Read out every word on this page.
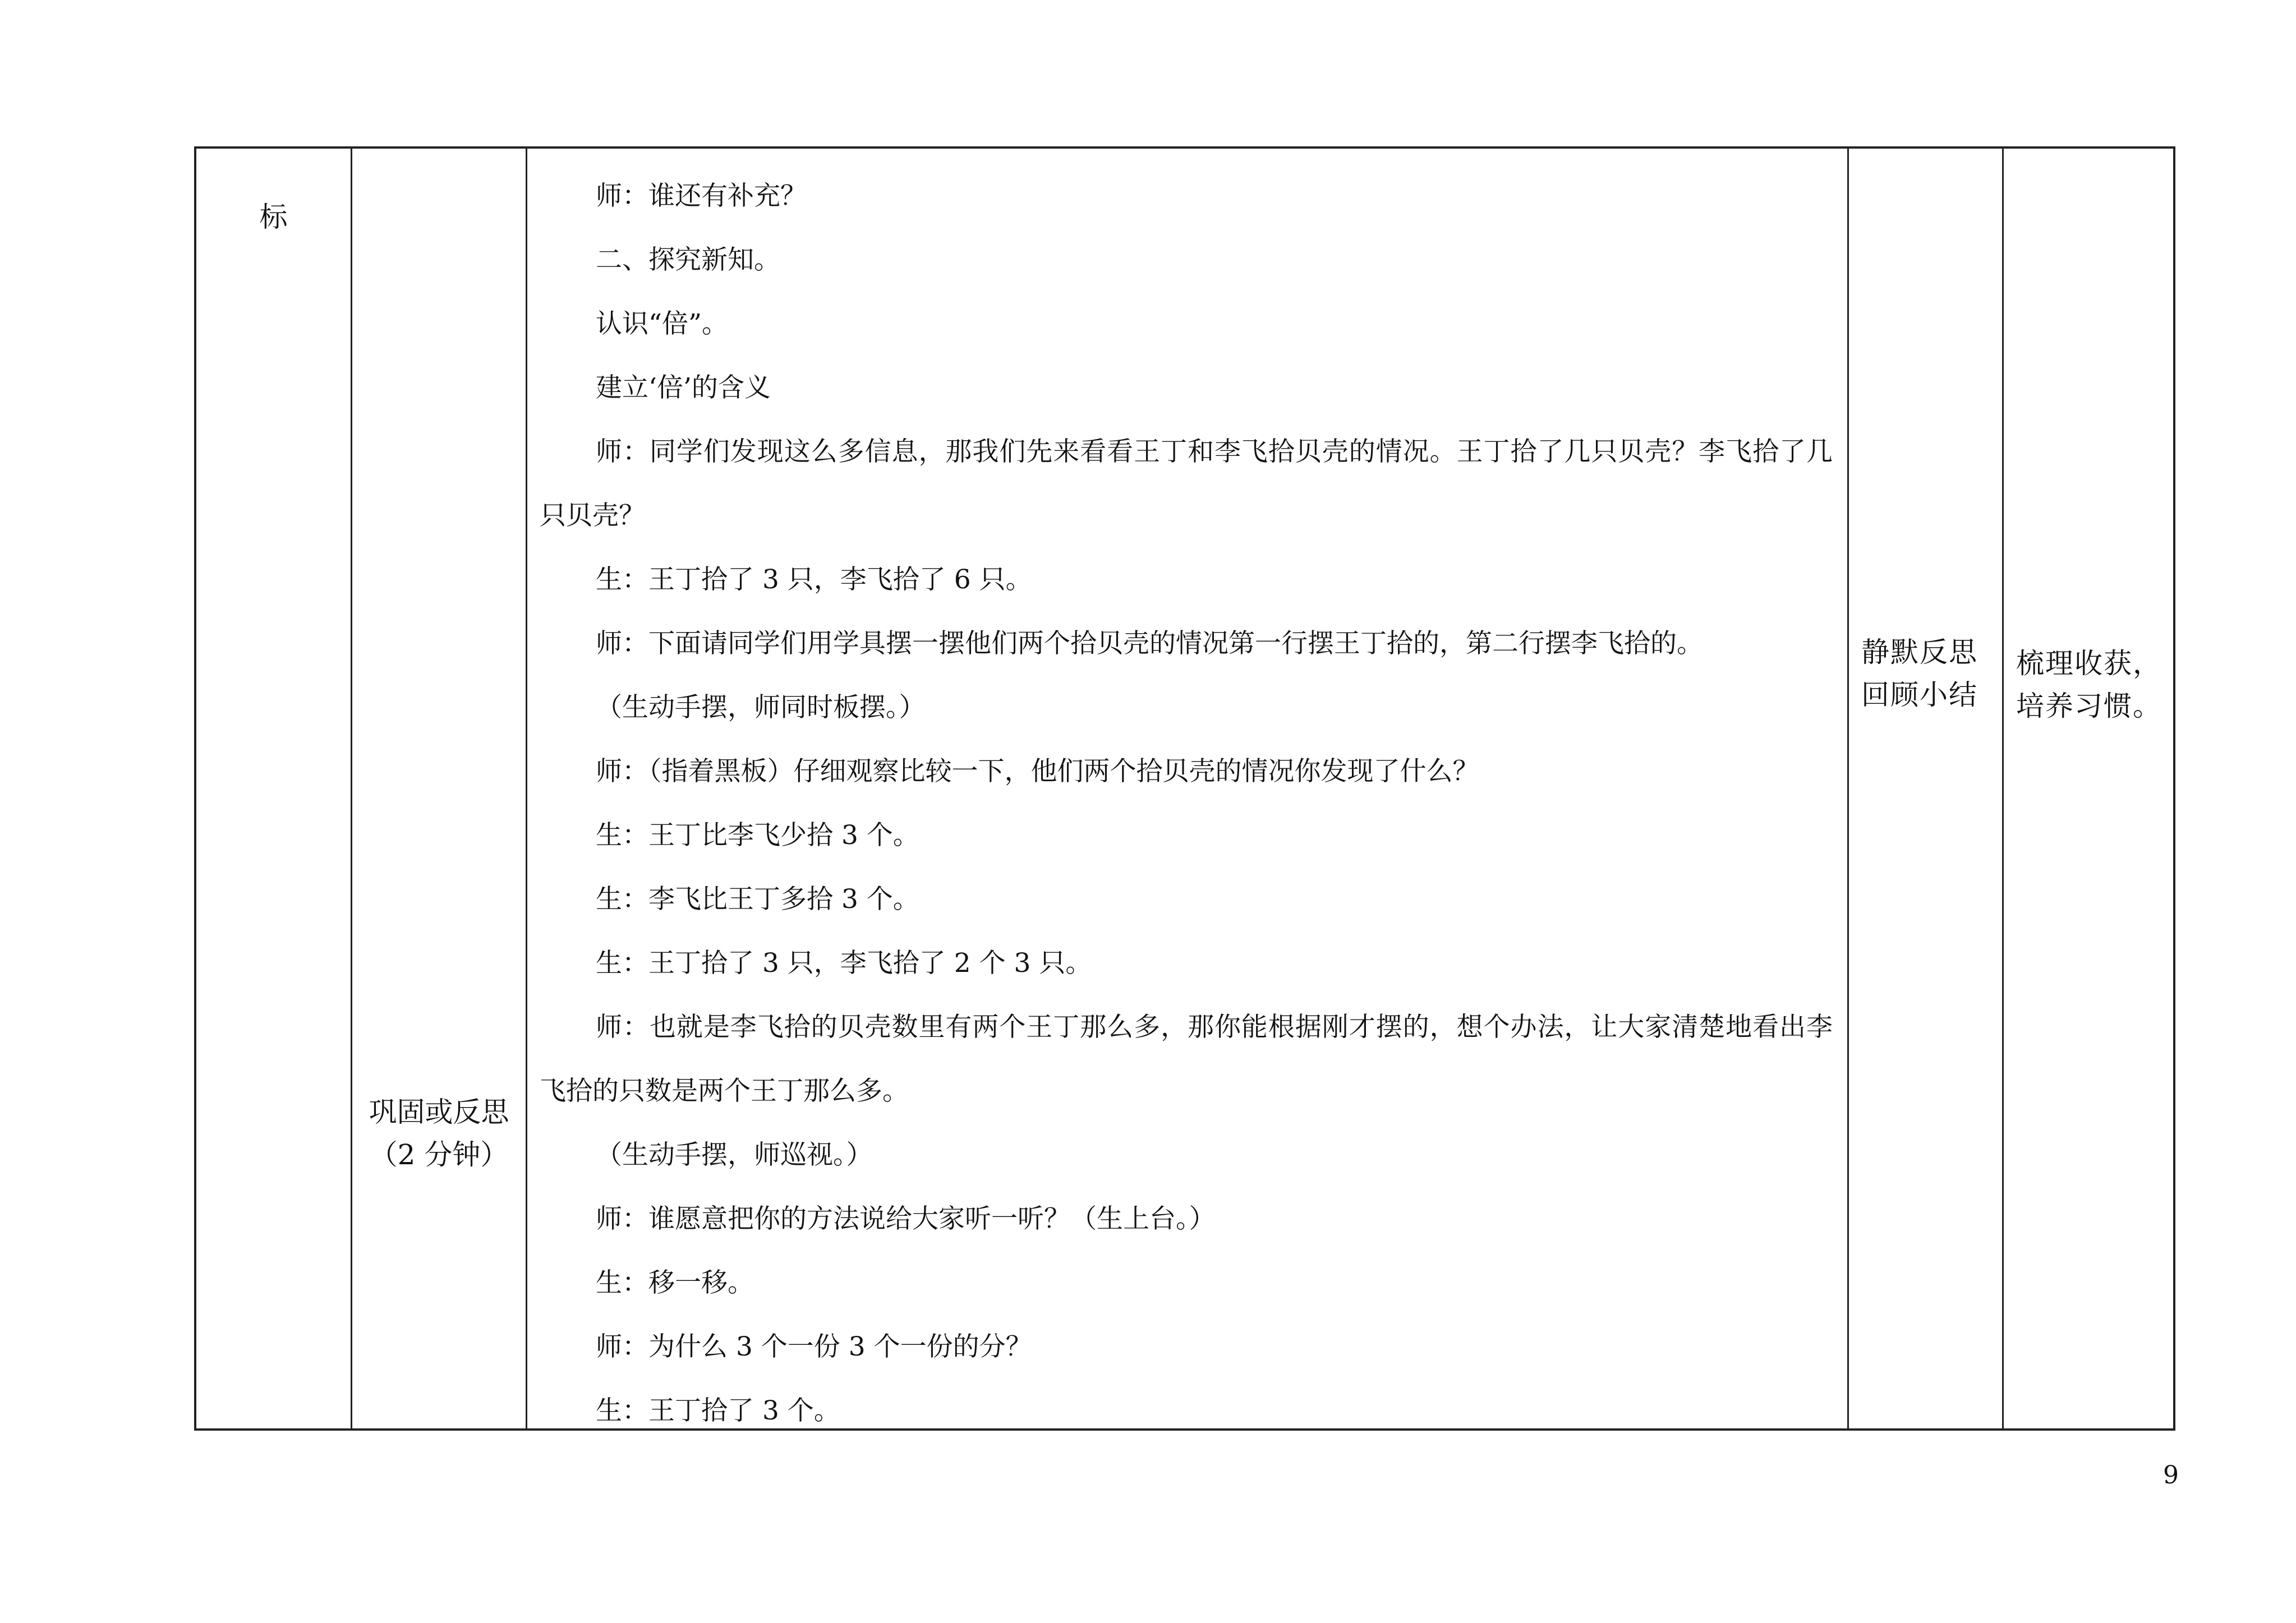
标
巩固或反思
（2 分钟）

师：谁还有补充？

二、探究新知。

认识“倍”。

建立‘倍’的含义

师：同学们发现这么多信息，那我们先来看看王丁和李飞拾贝壳的情况。王丁拾了几只贝壳？李飞拾了几只贝壳？

生：王丁拾了 3 只，李飞拾了 6 只。

师：下面请同学们用学具摆一摆他们两个拾贝壳的情况第一行摆王丁拾的，第二行摆李飞拾的。

（生动手摆，师同时板摆。）

师：（指着黑板）仔细观察比较一下，他们两个拾贝壳的情况你发现了什么？

生：王丁比李飞少拾 3 个。

生：李飞比王丁多拾 3 个。

生：王丁拾了 3 只，李飞拾了 2 个 3 只。

师：也就是李飞拾的贝壳数里有两个王丁那么多，那你能根据刚才摆的，想个办法，让大家清楚地看出李飞拾的只数是两个王丁那么多。

（生动手摆，师巡视。）

师：谁愿意把你的方法说给大家听一听？（生上台。）

生：移一移。

师：为什么 3 个一份 3 个一份的分？

生：王丁拾了 3 个。

静默反思
回顾小结
梳理收获，
培养习惯。
9
